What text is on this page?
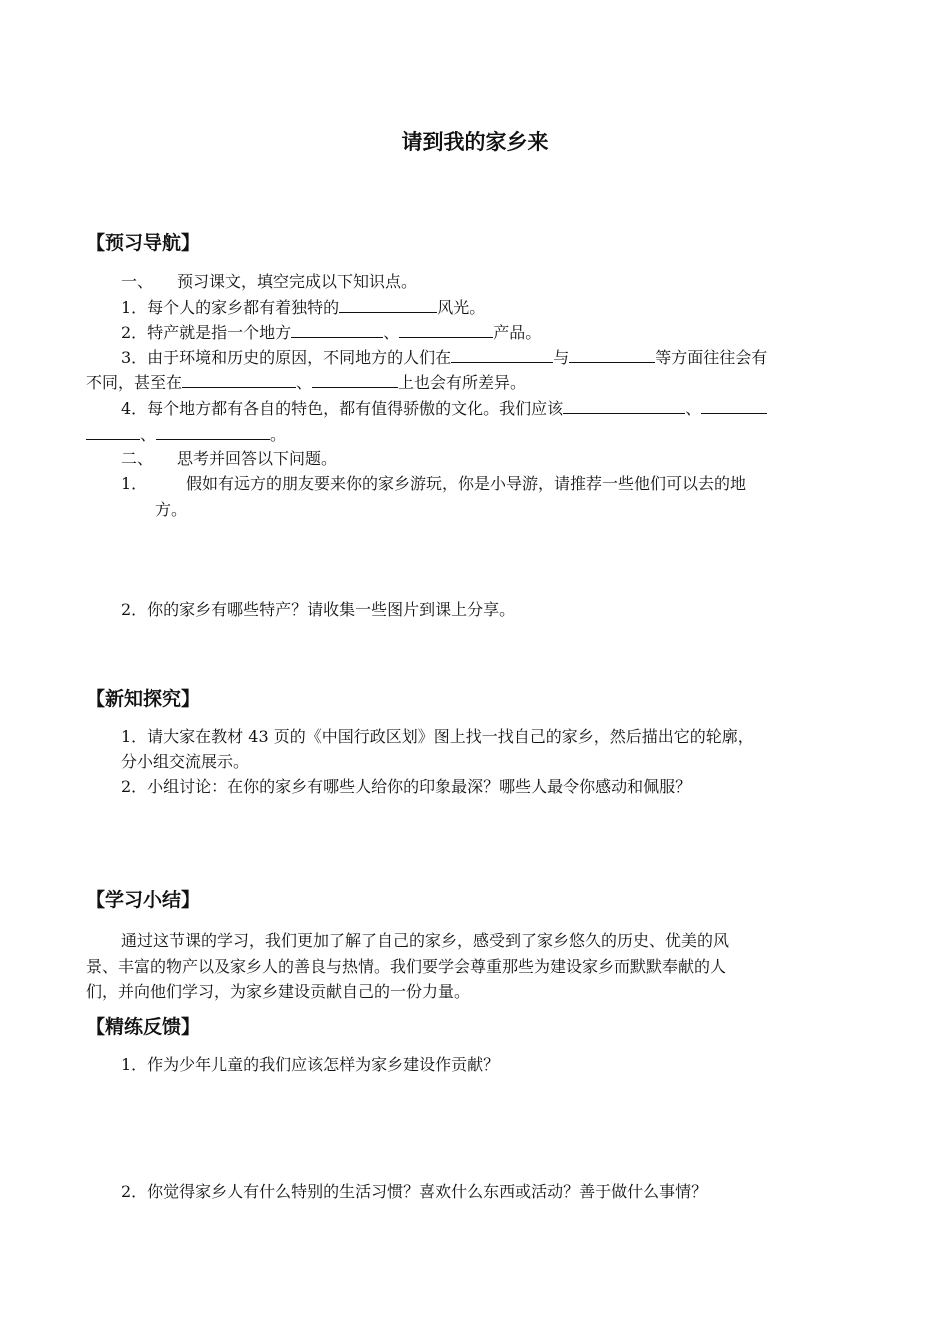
请到我的家乡来
【预习导航】
一、　　预习课文，填空完成以下知识点。
1．每个人的家乡都有着独特的	风光。
2．特产就是指一个地方	、	产品。
3．由于环境和历史的原因，不同地方的人们在	与	等方面往往会有
不同，甚至在	、	上也会有所差异。
4．每个地方都有各自的特色，都有值得骄傲的文化。我们应该	、
、	。
二、　　思考并回答以下问题。
1． 假如有远方的朋友要来你的家乡游玩，你是小导游，请推荐一些他们可以去的地
方。
2．你的家乡有哪些特产？请收集一些图片到课上分享。
【新知探究】
1．请大家在教材 43 页的《中国行政区划》图上找一找自己的家乡，然后描出它的轮廓，
分小组交流展示。
2．小组讨论：在你的家乡有哪些人给你的印象最深？哪些人最令你感动和佩服？
【学习小结】
通过这节课的学习，我们更加了解了自己的家乡，感受到了家乡悠久的历史、优美的风
景、丰富的物产以及家乡人的善良与热情。我们要学会尊重那些为建设家乡而默默奉献的人
们，并向他们学习，为家乡建设贡献自己的一份力量。
【精练反馈】
1．作为少年儿童的我们应该怎样为家乡建设作贡献？
2．你觉得家乡人有什么特别的生活习惯？喜欢什么东西或活动？善于做什么事情？
